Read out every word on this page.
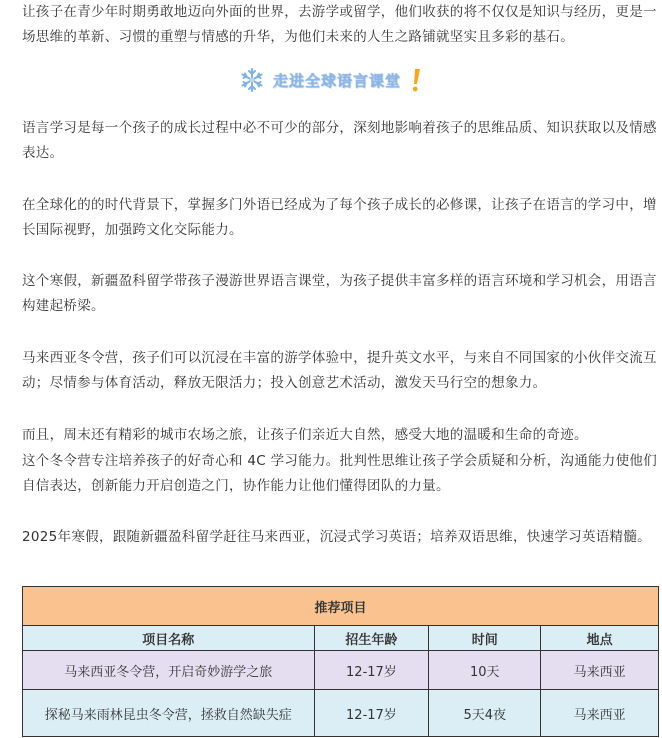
让孩子在青少年时期勇敢地迈向外面的世界，去游学或留学，他们收获的将不仅仅是知识与经历，更是一场思维的革新、习惯的重塑与情感的升华，为他们未来的人生之路铺就坚实且多彩的基石。

走进全球语言课堂

语言学习是每一个孩子的成长过程中必不可少的部分，深刻地影响着孩子的思维品质、知识获取以及情感表达。

在全球化的的时代背景下，掌握多门外语已经成为了每个孩子成长的必修课，让孩子在语言的学习中，增长国际视野，加强跨文化交际能力。

这个寒假，新疆盈科留学带孩子漫游世界语言课堂，为孩子提供丰富多样的语言环境和学习机会，用语言构建起桥梁。

马来西亚冬令营，孩子们可以沉浸在丰富的游学体验中，提升英文水平，与来自不同国家的小伙伴交流互动；尽情参与体育活动，释放无限活力；投入创意艺术活动，激发天马行空的想象力。

而且，周末还有精彩的城市农场之旅，让孩子们亲近大自然，感受大地的温暖和生命的奇迹。

这个冬令营专注培养孩子的好奇心和 4C 学习能力。批判性思维让孩子学会质疑和分析，沟通能力使他们自信表达，创新能力开启创造之门，协作能力让他们懂得团队的力量。

2025年寒假，跟随新疆盈科留学赶往马来西亚，沉浸式学习英语；培养双语思维，快速学习英语精髓。

推荐项目			
项目名称	招生年龄	时间	地点
马来西亚冬令营，开启奇妙游学之旅	12-17岁	10天	马来西亚
探秘马来雨林昆虫冬令营，拯救自然缺失症	12-17岁	5天4夜	马来西亚
